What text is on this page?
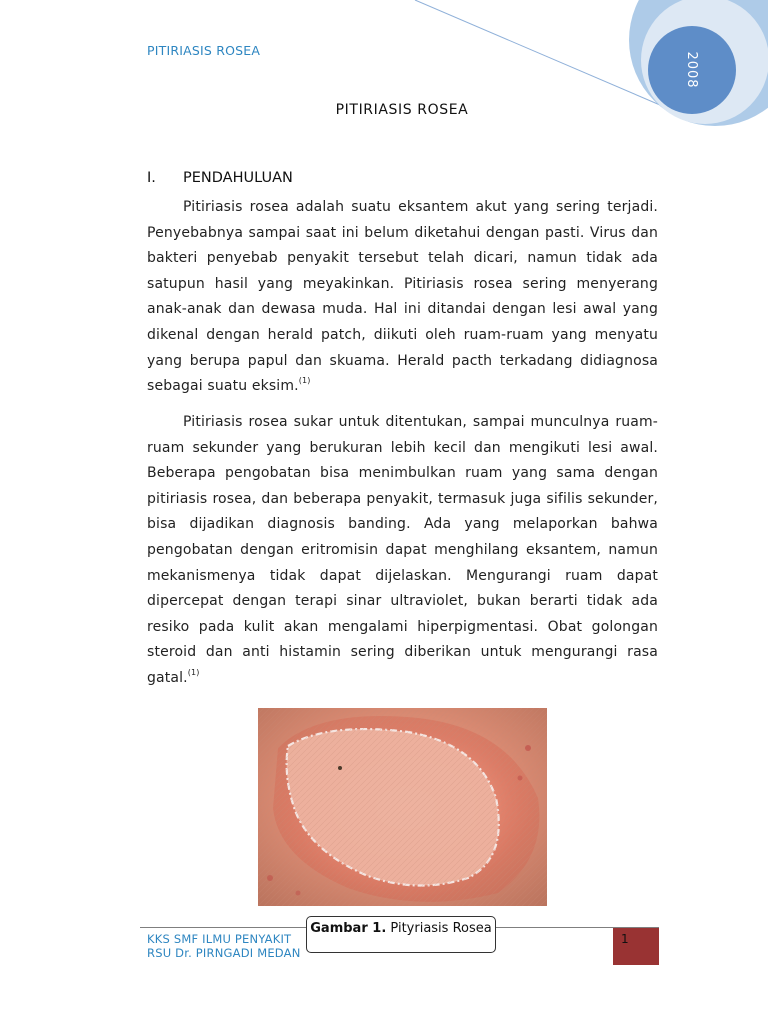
2008
PITIRIASIS ROSEA
PITIRIASIS ROSEA
I. PENDAHULUAN

Pitiriasis rosea adalah suatu eksantem akut yang sering terjadi. Penyebabnya sampai saat ini belum diketahui dengan pasti. Virus dan bakteri penyebab penyakit tersebut telah dicari, namun tidak ada satupun hasil yang meyakinkan. Pitiriasis rosea sering menyerang anak-anak dan dewasa muda. Hal ini ditandai dengan lesi awal yang dikenal dengan herald patch, diikuti oleh ruam-ruam yang menyatu yang berupa papul dan skuama. Herald pacth terkadang didiagnosa sebagai suatu eksim.$^{(1)}$

Pitiriasis rosea sukar untuk ditentukan, sampai munculnya ruam-ruam sekunder yang berukuran lebih kecil dan mengikuti lesi awal. Beberapa pengobatan bisa menimbulkan ruam yang sama dengan pitiriasis rosea, dan beberapa penyakit, termasuk juga sifilis sekunder, bisa dijadikan diagnosis banding. Ada yang melaporkan bahwa pengobatan dengan eritromisin dapat menghilang eksantem, namun mekanismenya tidak dapat dijelaskan. Mengurangi ruam dapat dipercepat dengan terapi sinar ultraviolet, bukan berarti tidak ada resiko pada kulit akan mengalami hiperpigmentasi. Obat golongan steroid dan anti histamin sering diberikan untuk mengurangi rasa gatal.$^{(1)}$

KKS SMF ILMU PENYAKIT
RSU Dr. PIRNGADI MEDAN
Gambar 1. Pityriasis Rosea
1
